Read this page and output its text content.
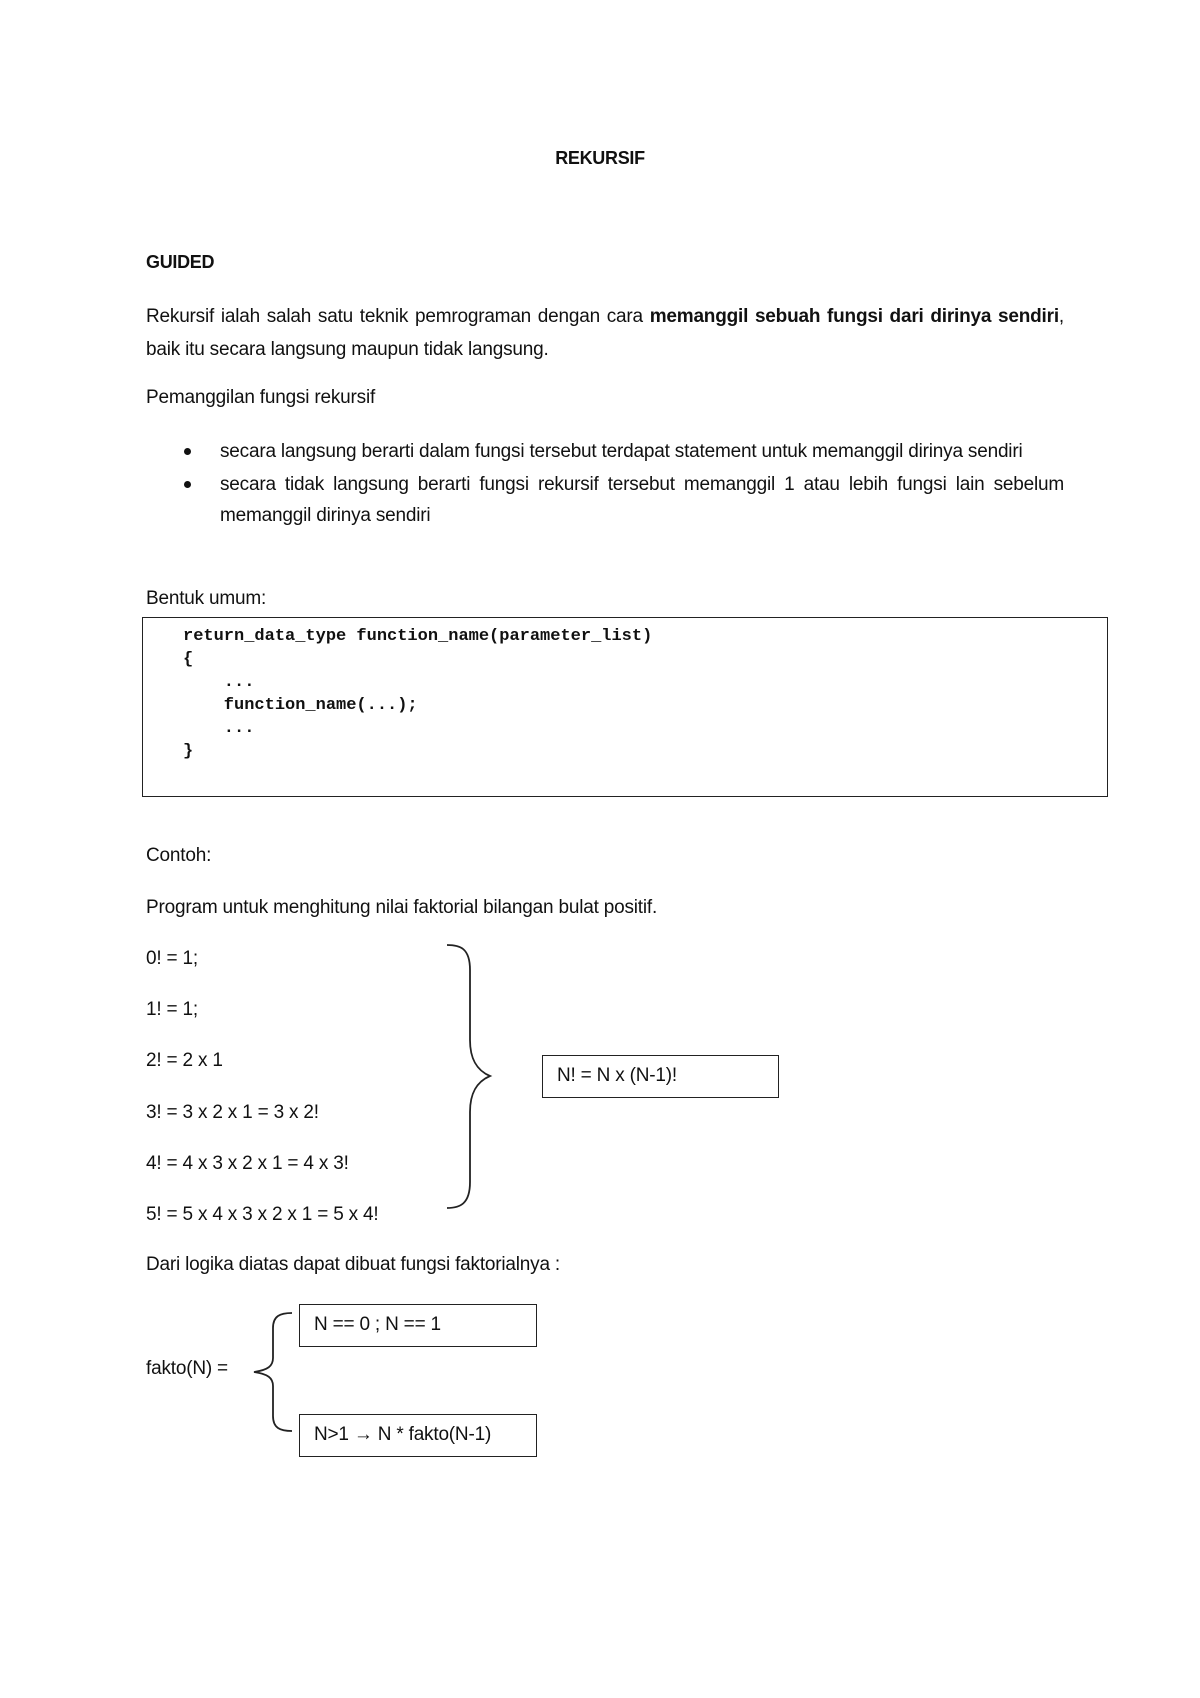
REKURSIF
GUIDED
Rekursif ialah salah satu teknik pemrograman dengan cara memanggil sebuah fungsi dari dirinya sendiri, baik itu secara langsung maupun tidak langsung.
Pemanggilan fungsi rekursif
secara langsung berarti dalam fungsi tersebut terdapat statement untuk memanggil dirinya sendiri
secara tidak langsung berarti fungsi rekursif tersebut memanggil 1 atau lebih fungsi lain sebelum memanggil dirinya sendiri
Bentuk umum:
return_data_type function_name(parameter_list)
{
...
function_name(...);
...
}
Contoh:
Program untuk menghitung nilai faktorial bilangan bulat positif.
0! = 1;
1! = 1;
2! = 2 x 1
3! = 3 x 2 x 1 = 3 x 2!
4! = 4 x 3 x 2 x 1 = 4 x 3!
5! = 5 x 4 x 3 x 2 x 1 = 5 x 4!
N! = N x (N-1)!
Dari logika diatas dapat dibuat fungsi faktorialnya :
fakto(N) =
N == 0 ; N == 1
N>1 → N * fakto(N-1)
